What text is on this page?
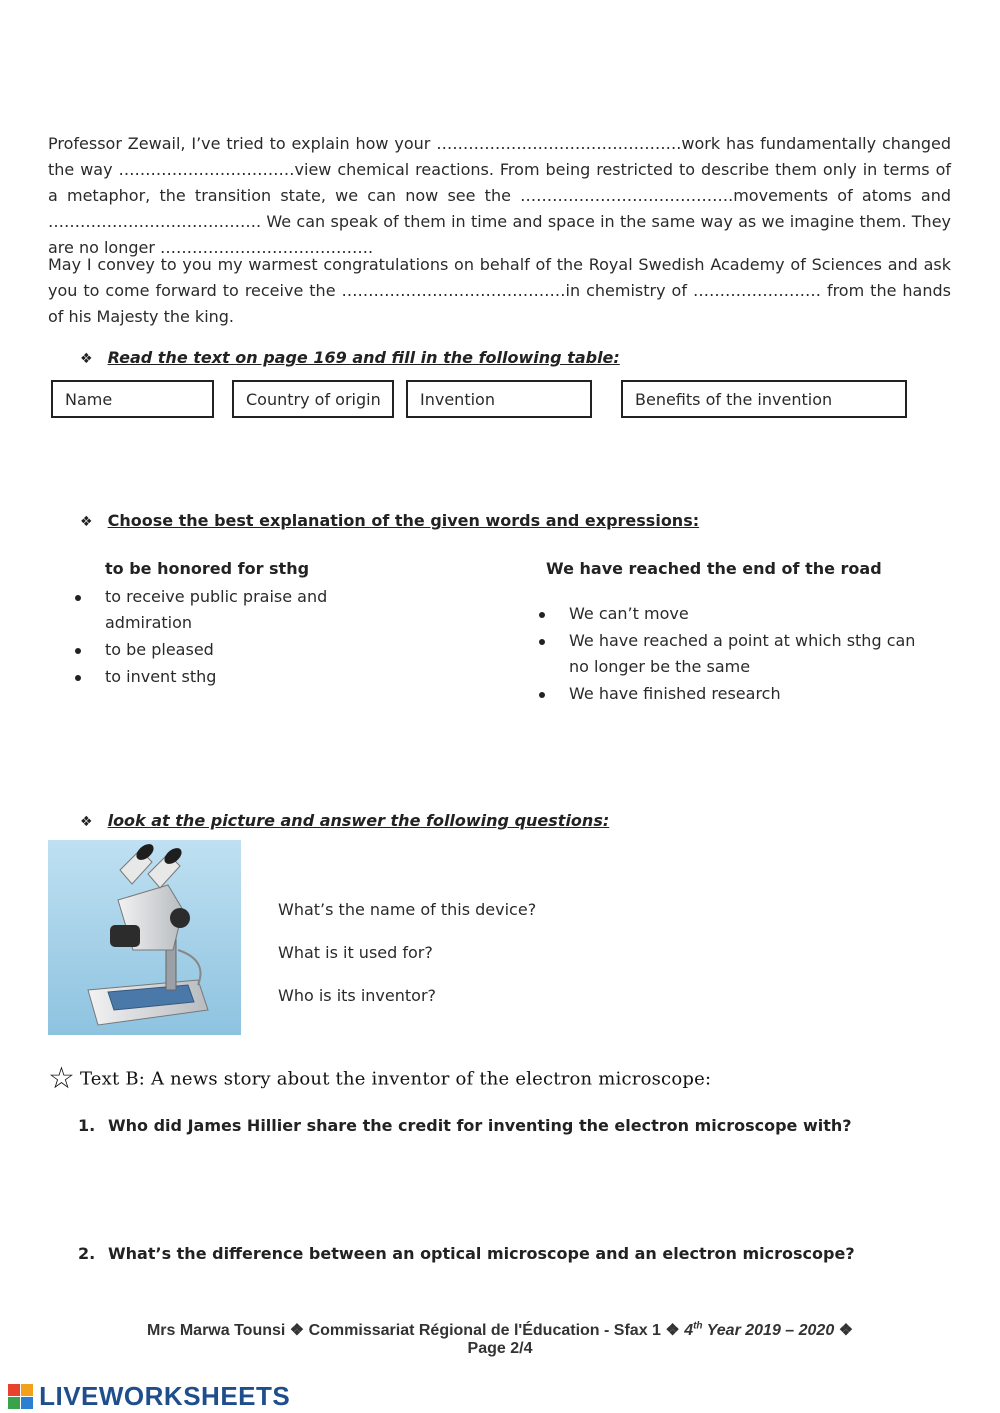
Professor Zewail, I’ve tried to explain how your ……………………………………….work has fundamentally changed the way ……………………………view chemical reactions. From being restricted to describe them only in terms of a metaphor, the transition state, we can now see the ………………………………….movements of atoms and …………………………………. We can speak of them in time and space in the same way as we imagine them. They are no longer ………………………………….
May I convey to you my warmest congratulations on behalf of the Royal Swedish Academy of Sciences and ask you to come forward to receive the ……………………………………in chemistry of …………………… from the hands of his Majesty the king.
❖ Read the text on page 169 and fill in the following table:
Name	Country of origin	Invention	Benefits of the invention
❖ Choose the best explanation of the given words and expressions:
to be honored for sthg
to receive public praise and admiration
to be pleased
to invent sthg
We have reached the end of the road
We can’t move
We have reached a point at which sthg can no longer be the same
We have finished research
❖ look at the picture and answer the following questions:
What’s the name of this device?
What is it used for?
Who is its inventor?
☆ Text B: A news story about the inventor of the electron microscope:
1. Who did James Hillier share the credit for inventing the electron microscope with?
2. What’s the difference between an optical microscope and an electron microscope?
Mrs Marwa Tounsi ❖ Commissariat Régional de l'Éducation - Sfax 1 ❖ 4th Year 2019 – 2020 ❖
Page 2/4
LIVEWORKSHEETS
